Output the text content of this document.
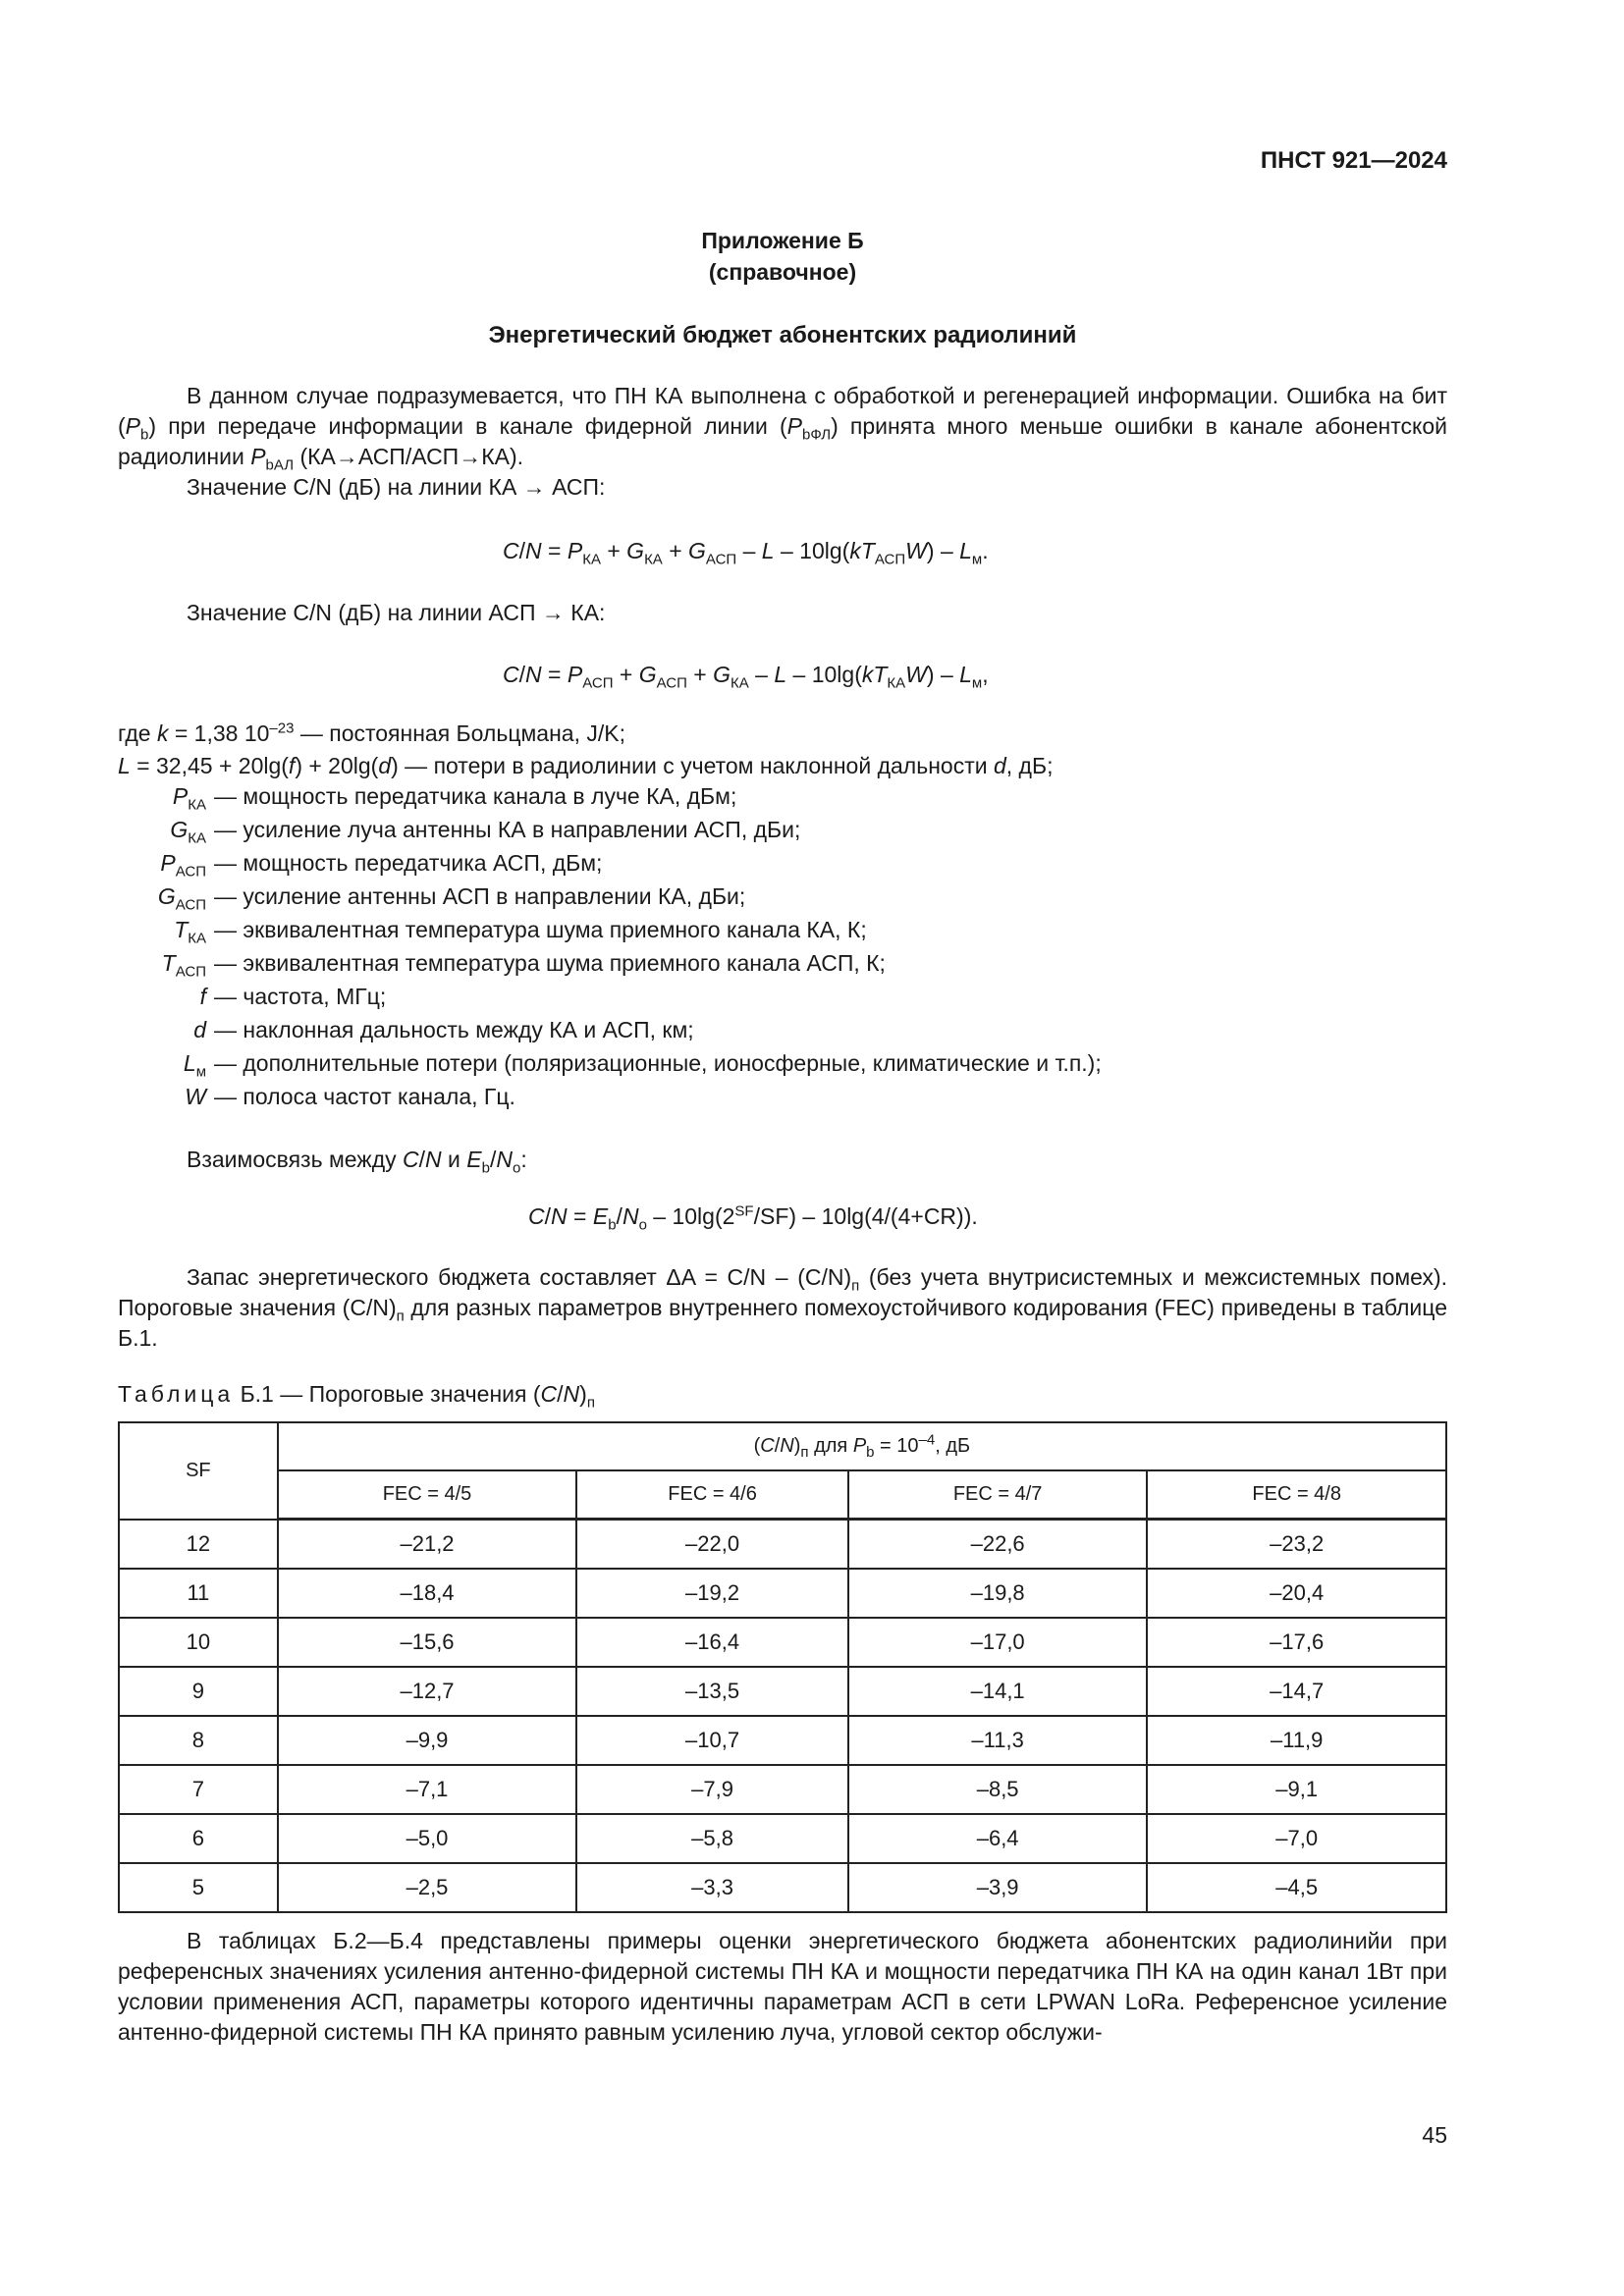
ПНСТ 921—2024
Приложение Б
(справочное)
Энергетический бюджет абонентских радиолиний
В данном случае подразумевается, что ПН КА выполнена с обработкой и регенерацией информации. Ошибка на бит $(P_b)$ при передаче информации в канале фидерной линии $(P_{bФЛ})$ принята много меньше ошибки в канале абонентской радиолинии $P_{bАЛ}$ (КА→АСП/АСП→КА).
Значение C/N (дБ) на линии КА → АСП:
$C/N = P_{КА} + G_{КА} + G_{АСП} - L - 10\lg(kT_{АСП}W) - L_м$.
Значение C/N (дБ) на линии АСП → КА:
$C/N = P_{АСП} + G_{АСП} + G_{КА} - L - 10\lg(kT_{КА}W) - L_м$,
где k = 1,38 $10^{-23}$ — постоянная Больцмана, J/K;
L = 32,45 + 20lg(f) + 20lg(d) — потери в радиолинии с учетом наклонной дальности d, дБ;
$P_{КА}$ — мощность передатчика канала в луче КА, дБм;
$G_{КА}$ — усиление луча антенны КА в направлении АСП, дБи;
$P_{АСП}$ — мощность передатчика АСП, дБм;
$G_{АСП}$ — усиление антенны АСП в направлении КА, дБи;
$T_{КА}$ — эквивалентная температура шума приемного канала КА, К;
$T_{АСП}$ — эквивалентная температура шума приемного канала АСП, К;
f — частота, МГц;
d — наклонная дальность между КА и АСП, км;
$L_м$ — дополнительные потери (поляризационные, ионосферные, климатические и т.п.);
W — полоса частот канала, Гц.
Взаимосвязь между C/N и $E_b/N_o$:
$C/N = E_b/N_o - 10\lg(2^{SF}/SF) - 10\lg(4/(4+CR))$.
Запас энергетического бюджета составляет $\Delta A = C/N - (C/N)_п$ (без учета внутрисистемных и межсистемных помех). Пороговые значения $(C/N)_п$ для разных параметров внутреннего помехоустойчивого кодирования (FEC) приведены в таблице Б.1.
Таблица Б.1 — Пороговые значения $(C/N)_п$
SF	$(C/N)_п$ для $P_b = 10^{-4}$, дБ			
	FEC = 4/5	FEC = 4/6	FEC = 4/7	FEC = 4/8
12	–21,2	–22,0	–22,6	–23,2
11	–18,4	–19,2	–19,8	–20,4
10	–15,6	–16,4	–17,0	–17,6
9	–12,7	–13,5	–14,1	–14,7
8	–9,9	–10,7	–11,3	–11,9
7	–7,1	–7,9	–8,5	–9,1
6	–5,0	–5,8	–6,4	–7,0
5	–2,5	–3,3	–3,9	–4,5
В таблицах Б.2—Б.4 представлены примеры оценки энергетического бюджета абонентских радиолинийи при референсных значениях усиления антенно-фидерной системы ПН КА и мощности передатчика ПН КА на один канал 1Вт при условии применения АСП, параметры которого идентичны параметрам АСП в сети LPWAN LoRa. Референсное усиление антенно-фидерной системы ПН КА принято равным усилению луча, угловой сектор обслужи-
45
